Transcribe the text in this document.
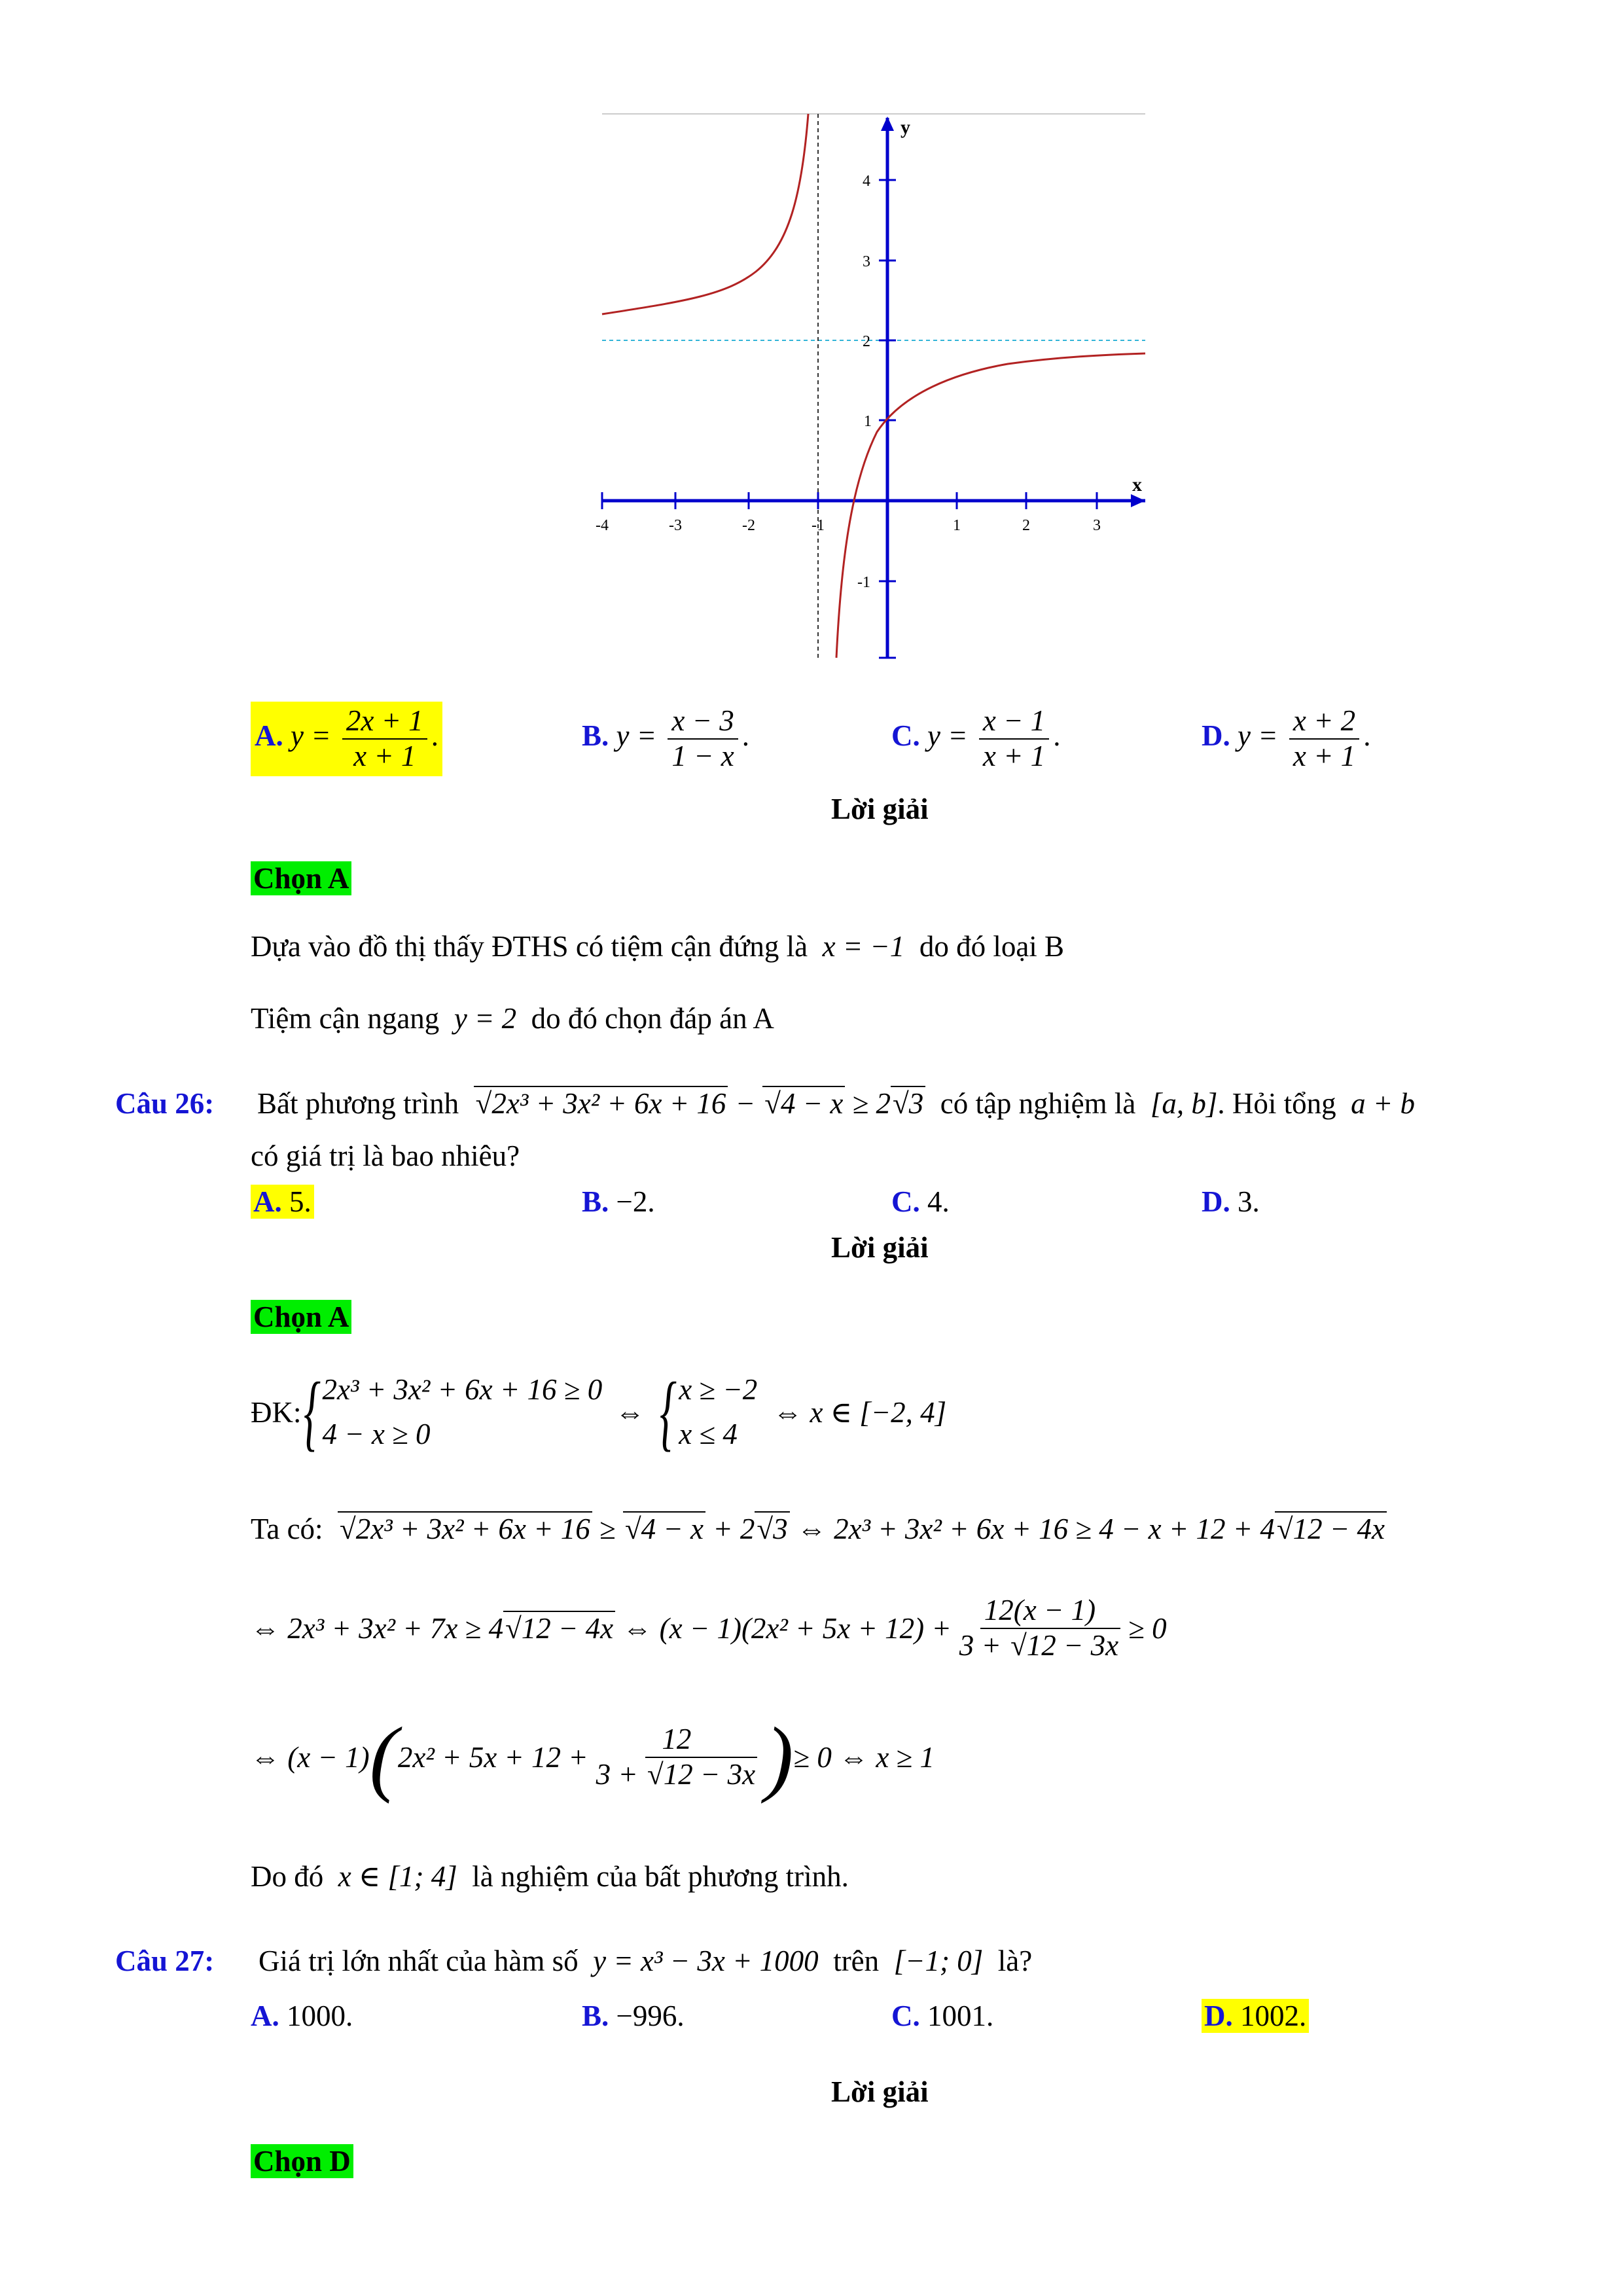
-4	-3	-2	-1	1	2	3
4
3
2
1
-1
x
y
A. $y = \frac{2x + 1}{x + 1}$ .	B. $y = \frac{x - 3}{1 - x}$ .	C. $y = \frac{x - 1}{x + 1}$ .	D. $y = \frac{x + 2}{x + 1}$ .
Lời giải
Chọn A
Dựa vào đồ thị thấy ĐTHS có tiệm cận đứng là x = −1 do đó loại B
Tiệm cận ngang y = 2 do đó chọn đáp án A
Câu 26: Bất phương trình √ 2x³ + 3x² + 6x + 16 − √ 4 − x ≥ 2 √ 3 có tập nghiệm là [a, b]. Hỏi tổng a + b
có giá trị là bao nhiêu?
A. 5.	B. −2.	C. 4.	D. 3.
Lời giải
Chọn A
ĐK: { 2x³ + 3x² + 6x + 16 ≥ 0
4 − x ≥ 0
⇔ { x ≥ −2
x ≤ 4
⇔ x ∈ [−2, 4]
Ta có: √ 2x³ + 3x² + 6x + 16 ≥ √ 4 − x + 2 √ 3 ⇔ 2x³ + 3x² + 6x + 16 ≥ 4 − x + 12 + 4 √ 12 − 4x
⇔ 2x³ + 3x² + 7x ≥ 4 √ 12 − 4x ⇔ $(x - 1)(2x^2 + 5x + 12) + \frac{12(x - 1)}{3 + √ 12 - 3x} \ge 0$
⇔ (x − 1) ( $2x^2 + 5x + 12 + \frac{12}{3 + √ 12 - 3x}$ ) ≥ 0 ⇔ x ≥ 1
Do đó x ∈ [1; 4] là nghiệm của bất phương trình.
Câu 27: Giá trị lớn nhất của hàm số y = x³ − 3x + 1000 trên [−1; 0] là?
A. 1000.	B. −996.	C. 1001.	D. 1002.
Lời giải
Chọn D
